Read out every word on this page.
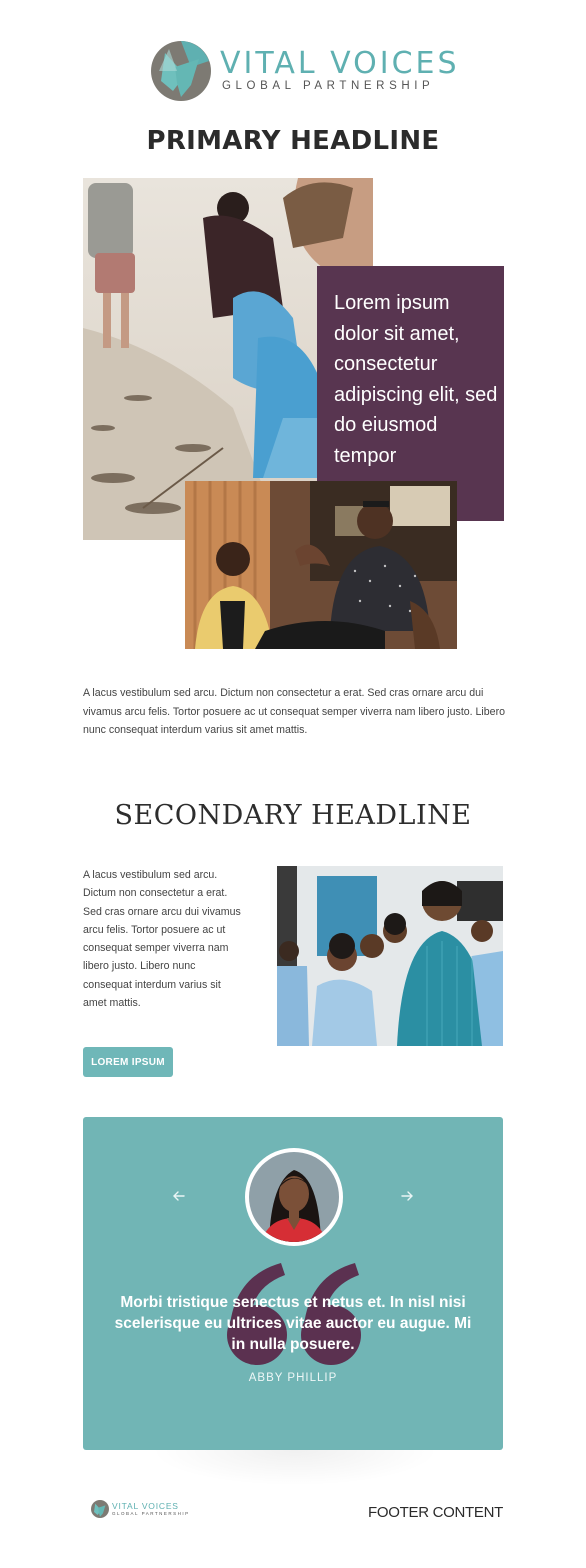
VITAL VOICES
GLOBAL PARTNERSHIP
PRIMARY HEADLINE

Lorem ipsum dolor sit amet, consectetur adipiscing elit, sed do eiusmod tempor

A lacus vestibulum sed arcu. Dictum non consectetur a erat. Sed cras ornare arcu dui vivamus arcu felis. Tortor posuere ac ut consequat semper viverra nam libero justo. Libero nunc consequat interdum varius sit amet mattis.

SECONDARY HEADLINE

A lacus vestibulum sed arcu. Dictum non consectetur a erat. Sed cras ornare arcu dui vivamus arcu felis. Tortor posuere ac ut consequat semper viverra nam libero justo. Libero nunc consequat interdum varius sit amet mattis.

LOREM IPSUM

Morbi tristique senectus et netus et. In nisl nisi scelerisque eu ultrices vitae auctor eu augue. Mi in nulla posuere.

ABBY PHILLIP
VITAL VOICES
GLOBAL PARTNERSHIP	FOOTER CONTENT
